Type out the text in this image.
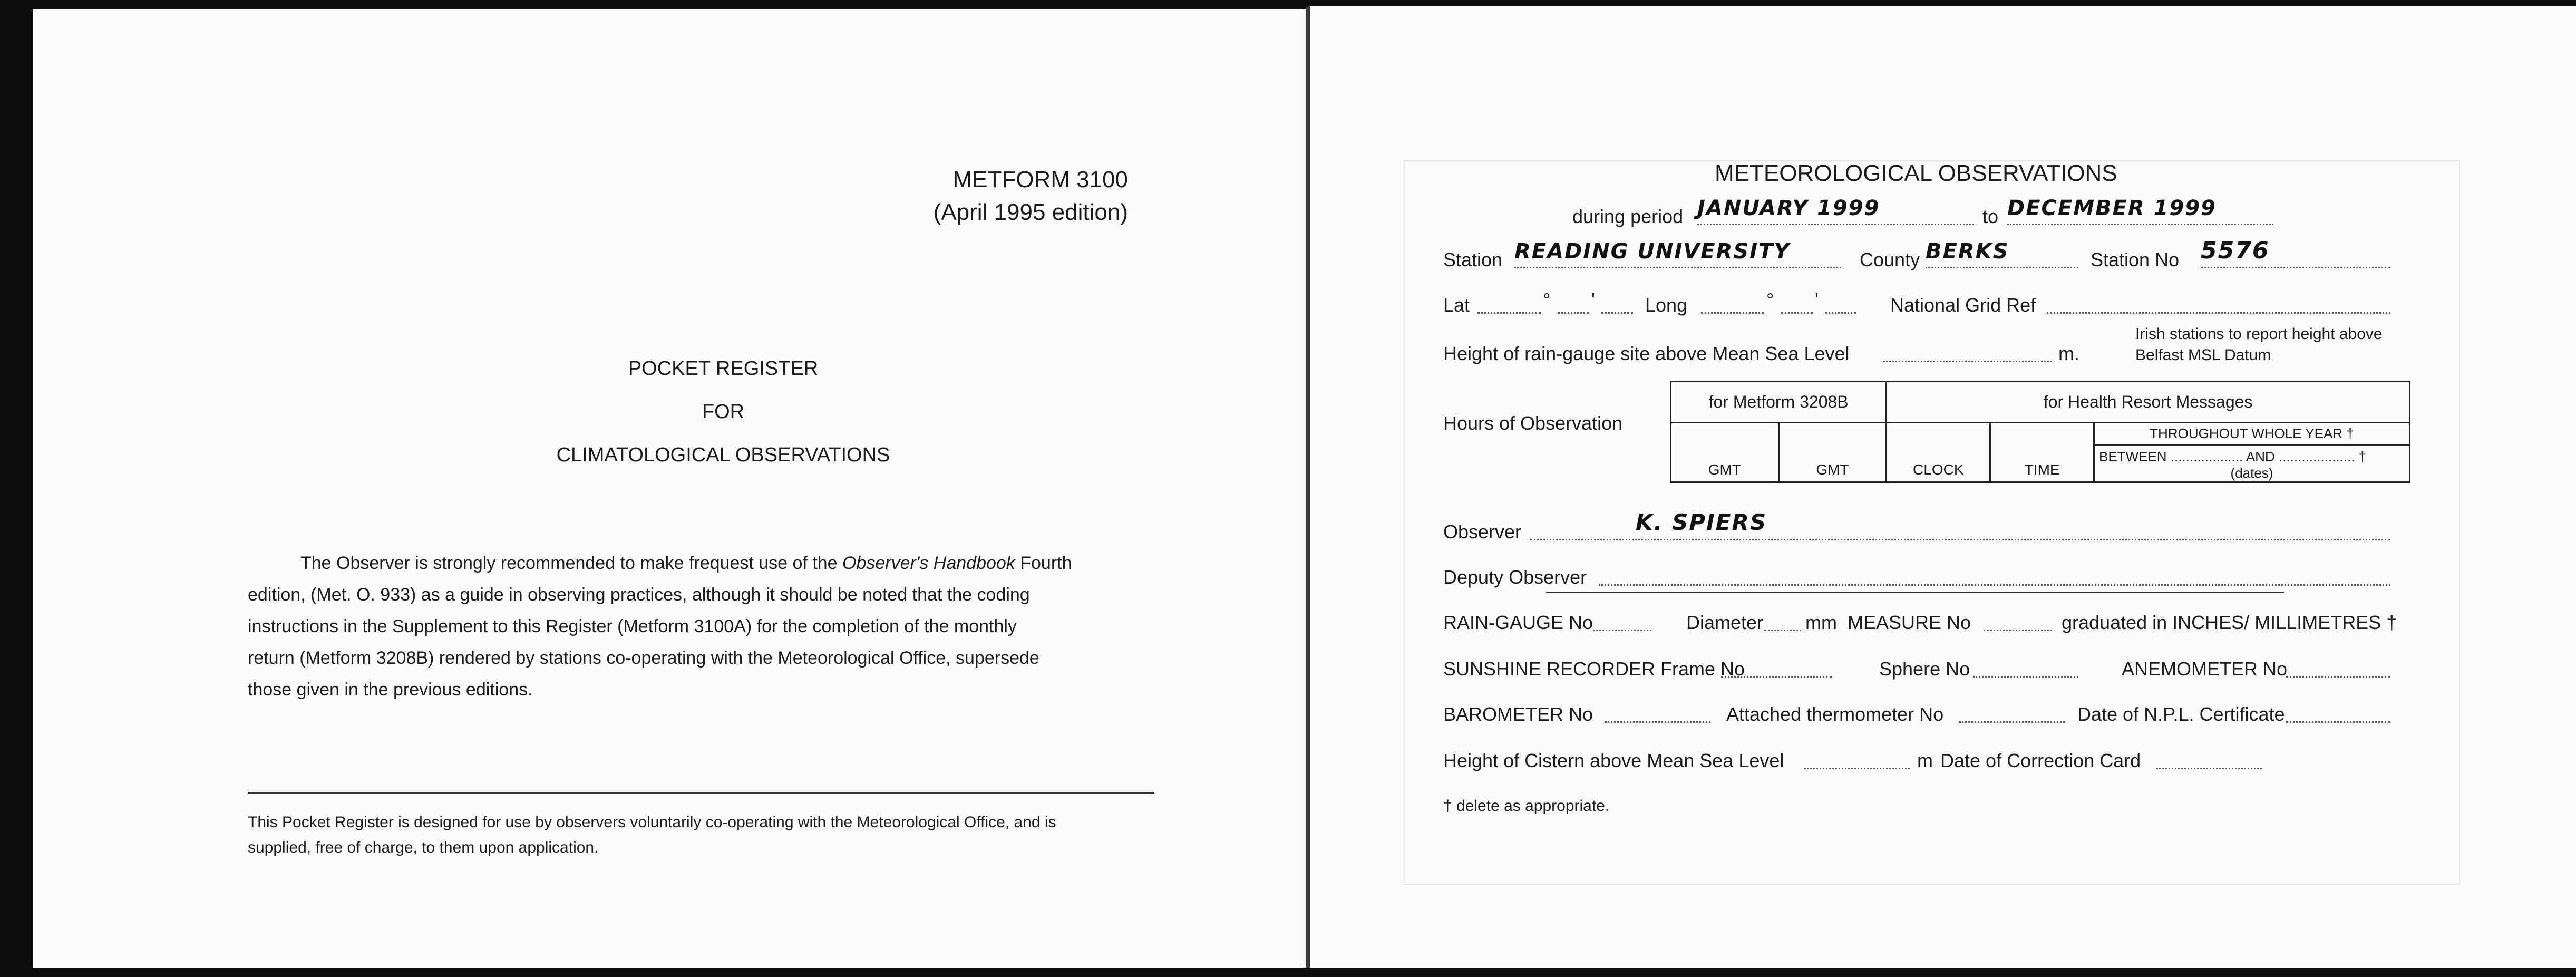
METFORM 3100
(April 1995 edition)
POCKET REGISTER
FOR
CLIMATOLOGICAL OBSERVATIONS
The Observer is strongly recommended to make frequest use of the Observer's Handbook Fourth
edition, (Met. O. 933) as a guide in observing practices, although it should be noted that the coding
instructions in the Supplement to this Register (Metform 3100A) for the completion of the monthly
return (Metform 3208B) rendered by stations co-operating with the Meteorological Office, supersede
those given in the previous editions.
This Pocket Register is designed for use by observers voluntarily co-operating with the Meteorological Office, and is
supplied, free of charge, to them upon application.
METEOROLOGICAL OBSERVATIONS
during period JANUARY 1999	to DECEMBER 1999
Station READING UNIVERSITY	County BERKS	Station No 5576
Lat	° '	Long	° '	National Grid Ref
Height of rain-gauge site above Mean Sea Level	m.
Irish stations to report height above
Belfast MSL Datum
Hours of Observation
for Metform 3208B		for Health Resort Messages		
GMT	GMT	CLOCK	TIME	THROUGHOUT WHOLE YEAR †
BETWEEN ................... AND .................... †
(dates)
Observer	K. SPIERS
Deputy Observer
RAIN-GAUGE No	Diameter mm MEASURE No	graduated in INCHES/ MILLIMETRES †
SUNSHINE RECORDER Frame No	Sphere No	ANEMOMETER No
BAROMETER No	Attached thermometer No	Date of N.P.L. Certificate
Height of Cistern above Mean Sea Level	m Date of Correction Card
† delete as appropriate.
